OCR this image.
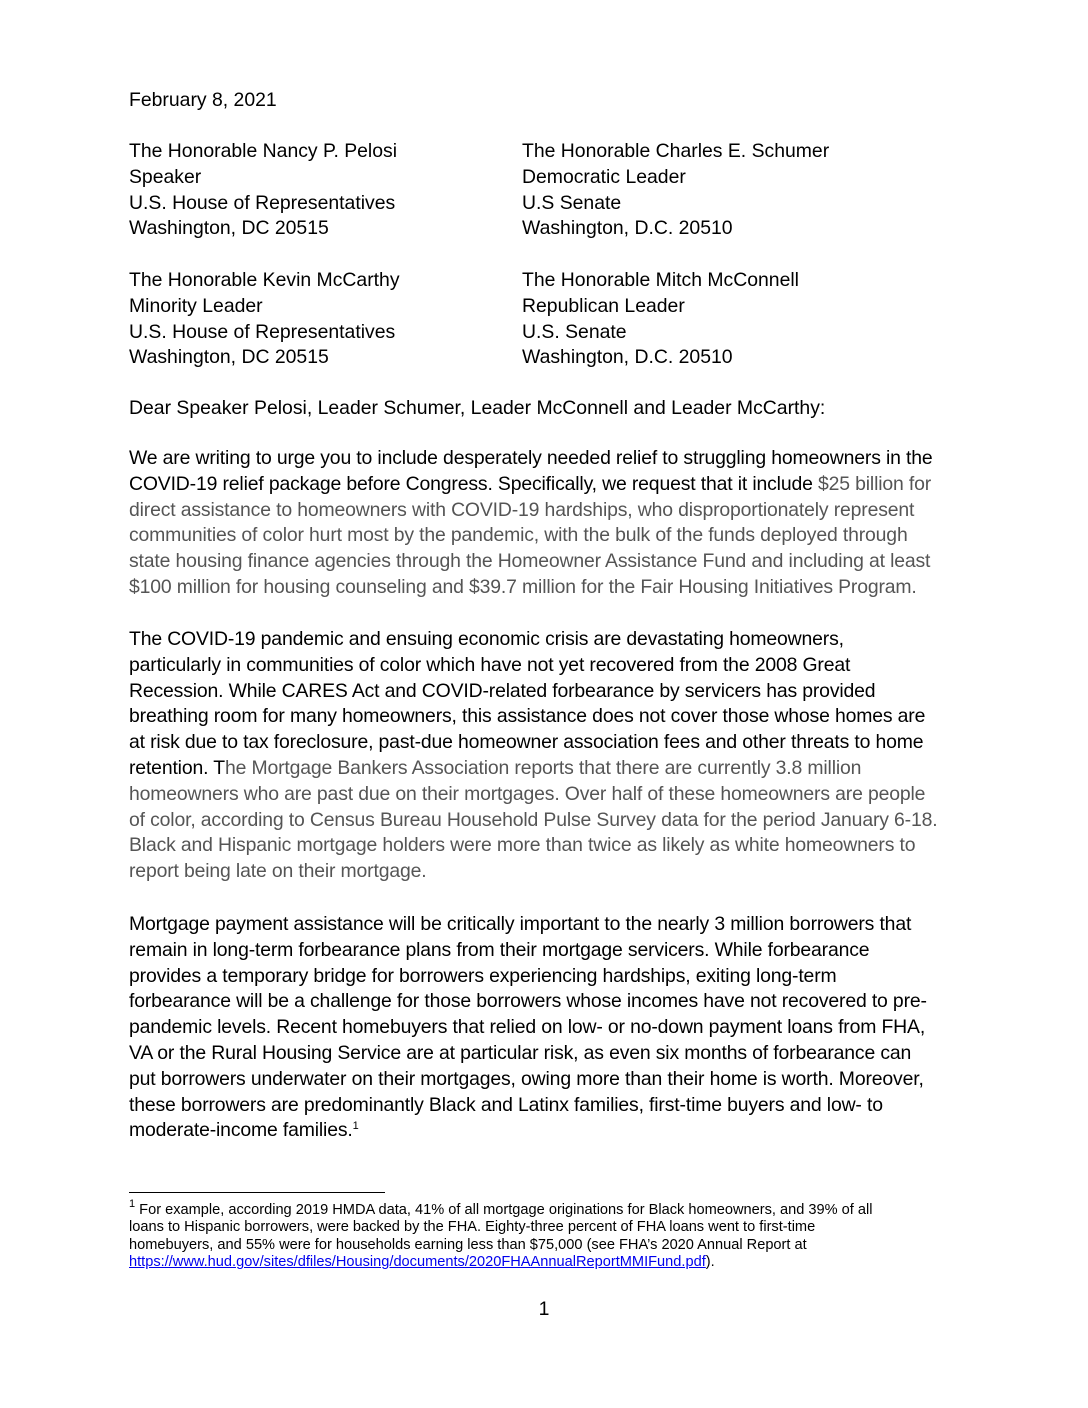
February 8, 2021
The Honorable Nancy P. Pelosi
Speaker
U.S. House of Representatives
Washington, DC 20515
The Honorable Charles E. Schumer
Democratic Leader
U.S Senate
Washington, D.C. 20510
The Honorable Kevin McCarthy
Minority Leader
U.S. House of Representatives
Washington, DC 20515
The Honorable Mitch McConnell
Republican Leader
U.S. Senate
Washington, D.C. 20510
Dear Speaker Pelosi, Leader Schumer, Leader McConnell and Leader McCarthy:

We are writing to urge you to include desperately needed relief to struggling homeowners in the

COVID-19 relief package before Congress. Specifically, we request that it include $25 billion for

direct assistance to homeowners with COVID-19 hardships, who disproportionately represent

communities of color hurt most by the pandemic, with the bulk of the funds deployed through

state housing finance agencies through the Homeowner Assistance Fund and including at least

$100 million for housing counseling and $39.7 million for the Fair Housing Initiatives Program.

The COVID-19 pandemic and ensuing economic crisis are devastating homeowners,

particularly in communities of color which have not yet recovered from the 2008 Great

Recession. While CARES Act and COVID-related forbearance by servicers has provided

breathing room for many homeowners, this assistance does not cover those whose homes are

at risk due to tax foreclosure, past-due homeowner association fees and other threats to home

retention. The Mortgage Bankers Association reports that there are currently 3.8 million

homeowners who are past due on their mortgages. Over half of these homeowners are people

of color, according to Census Bureau Household Pulse Survey data for the period January 6-18.

Black and Hispanic mortgage holders were more than twice as likely as white homeowners to

report being late on their mortgage.

Mortgage payment assistance will be critically important to the nearly 3 million borrowers that

remain in long-term forbearance plans from their mortgage servicers. While forbearance

provides a temporary bridge for borrowers experiencing hardships, exiting long-term

forbearance will be a challenge for those borrowers whose incomes have not recovered to pre-

pandemic levels. Recent homebuyers that relied on low- or no-down payment loans from FHA,

VA or the Rural Housing Service are at particular risk, as even six months of forbearance can

put borrowers underwater on their mortgages, owing more than their home is worth. Moreover,

these borrowers are predominantly Black and Latinx families, first-time buyers and low- to

moderate-income families.$^1$

$^1$ For example, according 2019 HMDA data, 41% of all mortgage originations for Black homeowners, and 39% of all
loans to Hispanic borrowers, were backed by the FHA. Eighty-three percent of FHA loans went to first-time
homebuyers, and 55% were for households earning less than $75,000 (see FHA’s 2020 Annual Report at
https://www.hud.gov/sites/dfiles/Housing/documents/2020FHAAnnualReportMMIFund.pdf).
1
